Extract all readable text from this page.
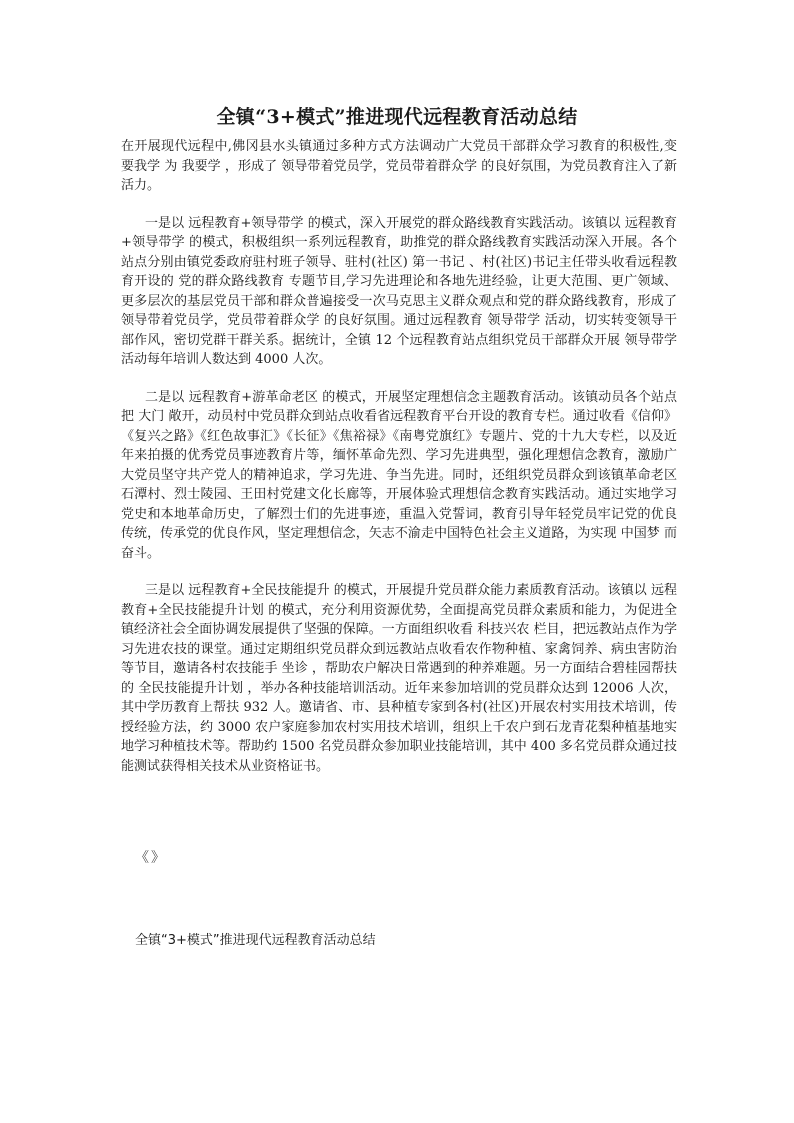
全镇“3+模式”推进现代远程教育活动总结

在开展现代远程中,佛冈县水头镇通过多种方式方法调动广大党员干部群众学习教育的积极性,变 要我学 为 我要学 ，形成了 领导带着党员学，党员带着群众学 的良好氛围，为党员教育注入了新活力。

一是以 远程教育+领导带学 的模式，深入开展党的群众路线教育实践活动。该镇以 远程教育+领导带学 的模式，积极组织一系列远程教育，助推党的群众路线教育实践活动深入开展。各个站点分别由镇党委政府驻村班子领导、驻村(社区) 第一书记 、村(社区)书记主任带头收看远程教育开设的 党的群众路线教育 专题节目,学习先进理论和各地先进经验，让更大范围、更广领域、更多层次的基层党员干部和群众普遍接受一次马克思主义群众观点和党的群众路线教育，形成了 领导带着党员学，党员带着群众学 的良好氛围。通过远程教育 领导带学 活动，切实转变领导干部作风，密切党群干群关系。据统计，全镇 12 个远程教育站点组织党员干部群众开展 领导带学 活动每年培训人数达到 4000 人次。

二是以 远程教育+游革命老区 的模式，开展坚定理想信念主题教育活动。该镇动员各个站点把 大门 敞开，动员村中党员群众到站点收看省远程教育平台开设的教育专栏。通过收看《信仰》《复兴之路》《红色故事汇》《长征》《焦裕禄》《南粤党旗红》专题片、党的十九大专栏，以及近年来拍摄的优秀党员事迹教育片等，缅怀革命先烈、学习先进典型，强化理想信念教育，激励广大党员坚守共产党人的精神追求，学习先进、争当先进。同时，还组织党员群众到该镇革命老区石潭村、烈士陵园、王田村党建文化长廊等，开展体验式理想信念教育实践活动。通过实地学习党史和本地革命历史，了解烈士们的先进事迹，重温入党誓词，教育引导年轻党员牢记党的优良传统，传承党的优良作风，坚定理想信念，矢志不渝走中国特色社会主义道路，为实现 中国梦 而奋斗。

三是以 远程教育+全民技能提升 的模式，开展提升党员群众能力素质教育活动。该镇以 远程教育+全民技能提升计划 的模式，充分利用资源优势，全面提高党员群众素质和能力，为促进全镇经济社会全面协调发展提供了坚强的保障。一方面组织收看 科技兴农 栏目，把远教站点作为学习先进农技的课堂。通过定期组织党员群众到远教站点收看农作物种植、家禽饲养、病虫害防治等节目，邀请各村农技能手 坐诊 ，帮助农户解决日常遇到的种养难题。另一方面结合碧桂园帮扶的 全民技能提升计划 ，举办各种技能培训活动。近年来参加培训的党员群众达到 12006 人次，其中学历教育上帮扶 932 人。邀请省、市、县种植专家到各村(社区)开展农村实用技术培训，传授经验方法，约 3000 农户家庭参加农村实用技术培训，组织上千农户到石龙青花梨种植基地实地学习种植技术等。帮助约 1500 名党员群众参加职业技能培训，其中 400 多名党员群众通过技能测试获得相关技术从业资格证书。

《 》
全镇“3+模式”推进现代远程教育活动总结
